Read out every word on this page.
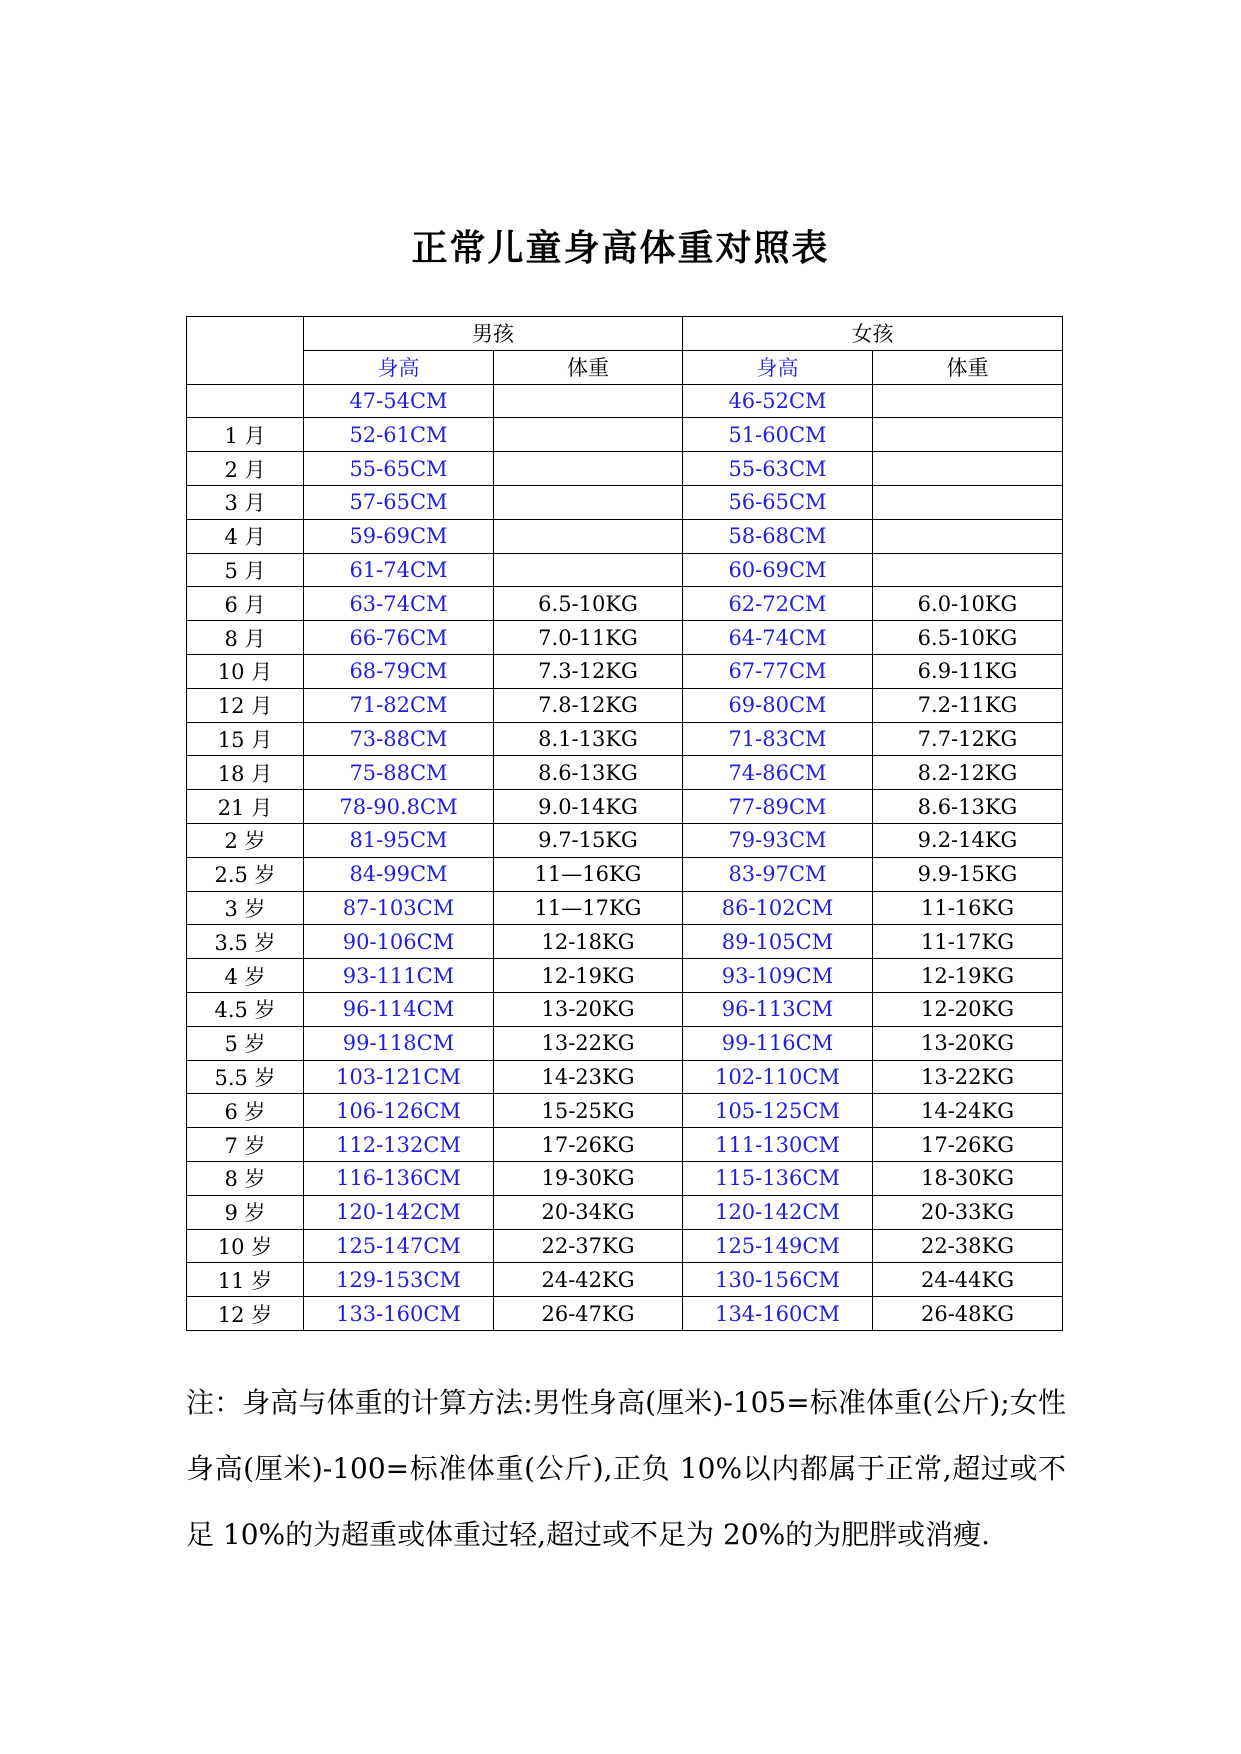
正常儿童身高体重对照表
	男孩		女孩	
	身高	体重	身高	体重
	47-54CM		46-52CM	
1 月	52-61CM		51-60CM	
2 月	55-65CM		55-63CM	
3 月	57-65CM		56-65CM	
4 月	59-69CM		58-68CM	
5 月	61-74CM		60-69CM	
6 月	63-74CM	6.5-10KG	62-72CM	6.0-10KG
8 月	66-76CM	7.0-11KG	64-74CM	6.5-10KG
10 月	68-79CM	7.3-12KG	67-77CM	6.9-11KG
12 月	71-82CM	7.8-12KG	69-80CM	7.2-11KG
15 月	73-88CM	8.1-13KG	71-83CM	7.7-12KG
18 月	75-88CM	8.6-13KG	74-86CM	8.2-12KG
21 月	78-90.8CM	9.0-14KG	77-89CM	8.6-13KG
2 岁	81-95CM	9.7-15KG	79-93CM	9.2-14KG
2.5 岁	84-99CM	11—16KG	83-97CM	9.9-15KG
3 岁	87-103CM	11—17KG	86-102CM	11-16KG
3.5 岁	90-106CM	12-18KG	89-105CM	11-17KG
4 岁	93-111CM	12-19KG	93-109CM	12-19KG
4.5 岁	96-114CM	13-20KG	96-113CM	12-20KG
5 岁	99-118CM	13-22KG	99-116CM	13-20KG
5.5 岁	103-121CM	14-23KG	102-110CM	13-22KG
6 岁	106-126CM	15-25KG	105-125CM	14-24KG
7 岁	112-132CM	17-26KG	111-130CM	17-26KG
8 岁	116-136CM	19-30KG	115-136CM	18-30KG
9 岁	120-142CM	20-34KG	120-142CM	20-33KG
10 岁	125-147CM	22-37KG	125-149CM	22-38KG
11 岁	129-153CM	24-42KG	130-156CM	24-44KG
12 岁	133-160CM	26-47KG	134-160CM	26-48KG
注：身高与体重的计算方法:男性身高(厘米)-105=标准体重(公斤);女性身高(厘米)-100=标准体重(公斤),正负 10%以内都属于正常,超过或不足 10%的为超重或体重过轻,超过或不足为 20%的为肥胖或消瘦.
